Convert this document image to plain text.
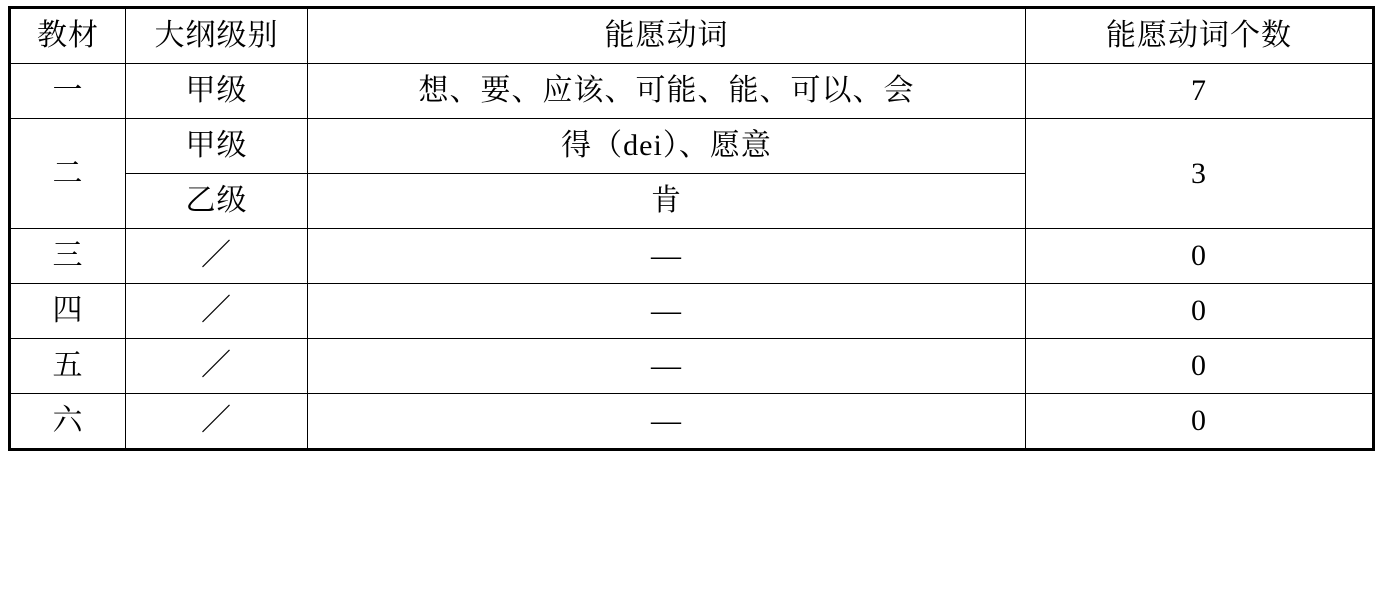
教材	大纲级别	能愿动词	能愿动词个数
一	甲级	想、要、应该、可能、能、可以、会	7
二	甲级	得（dei）、愿意	3
	乙级	肯	
三	／	—	0
四	／	—	0
五	／	—	0
六	／	—	0
